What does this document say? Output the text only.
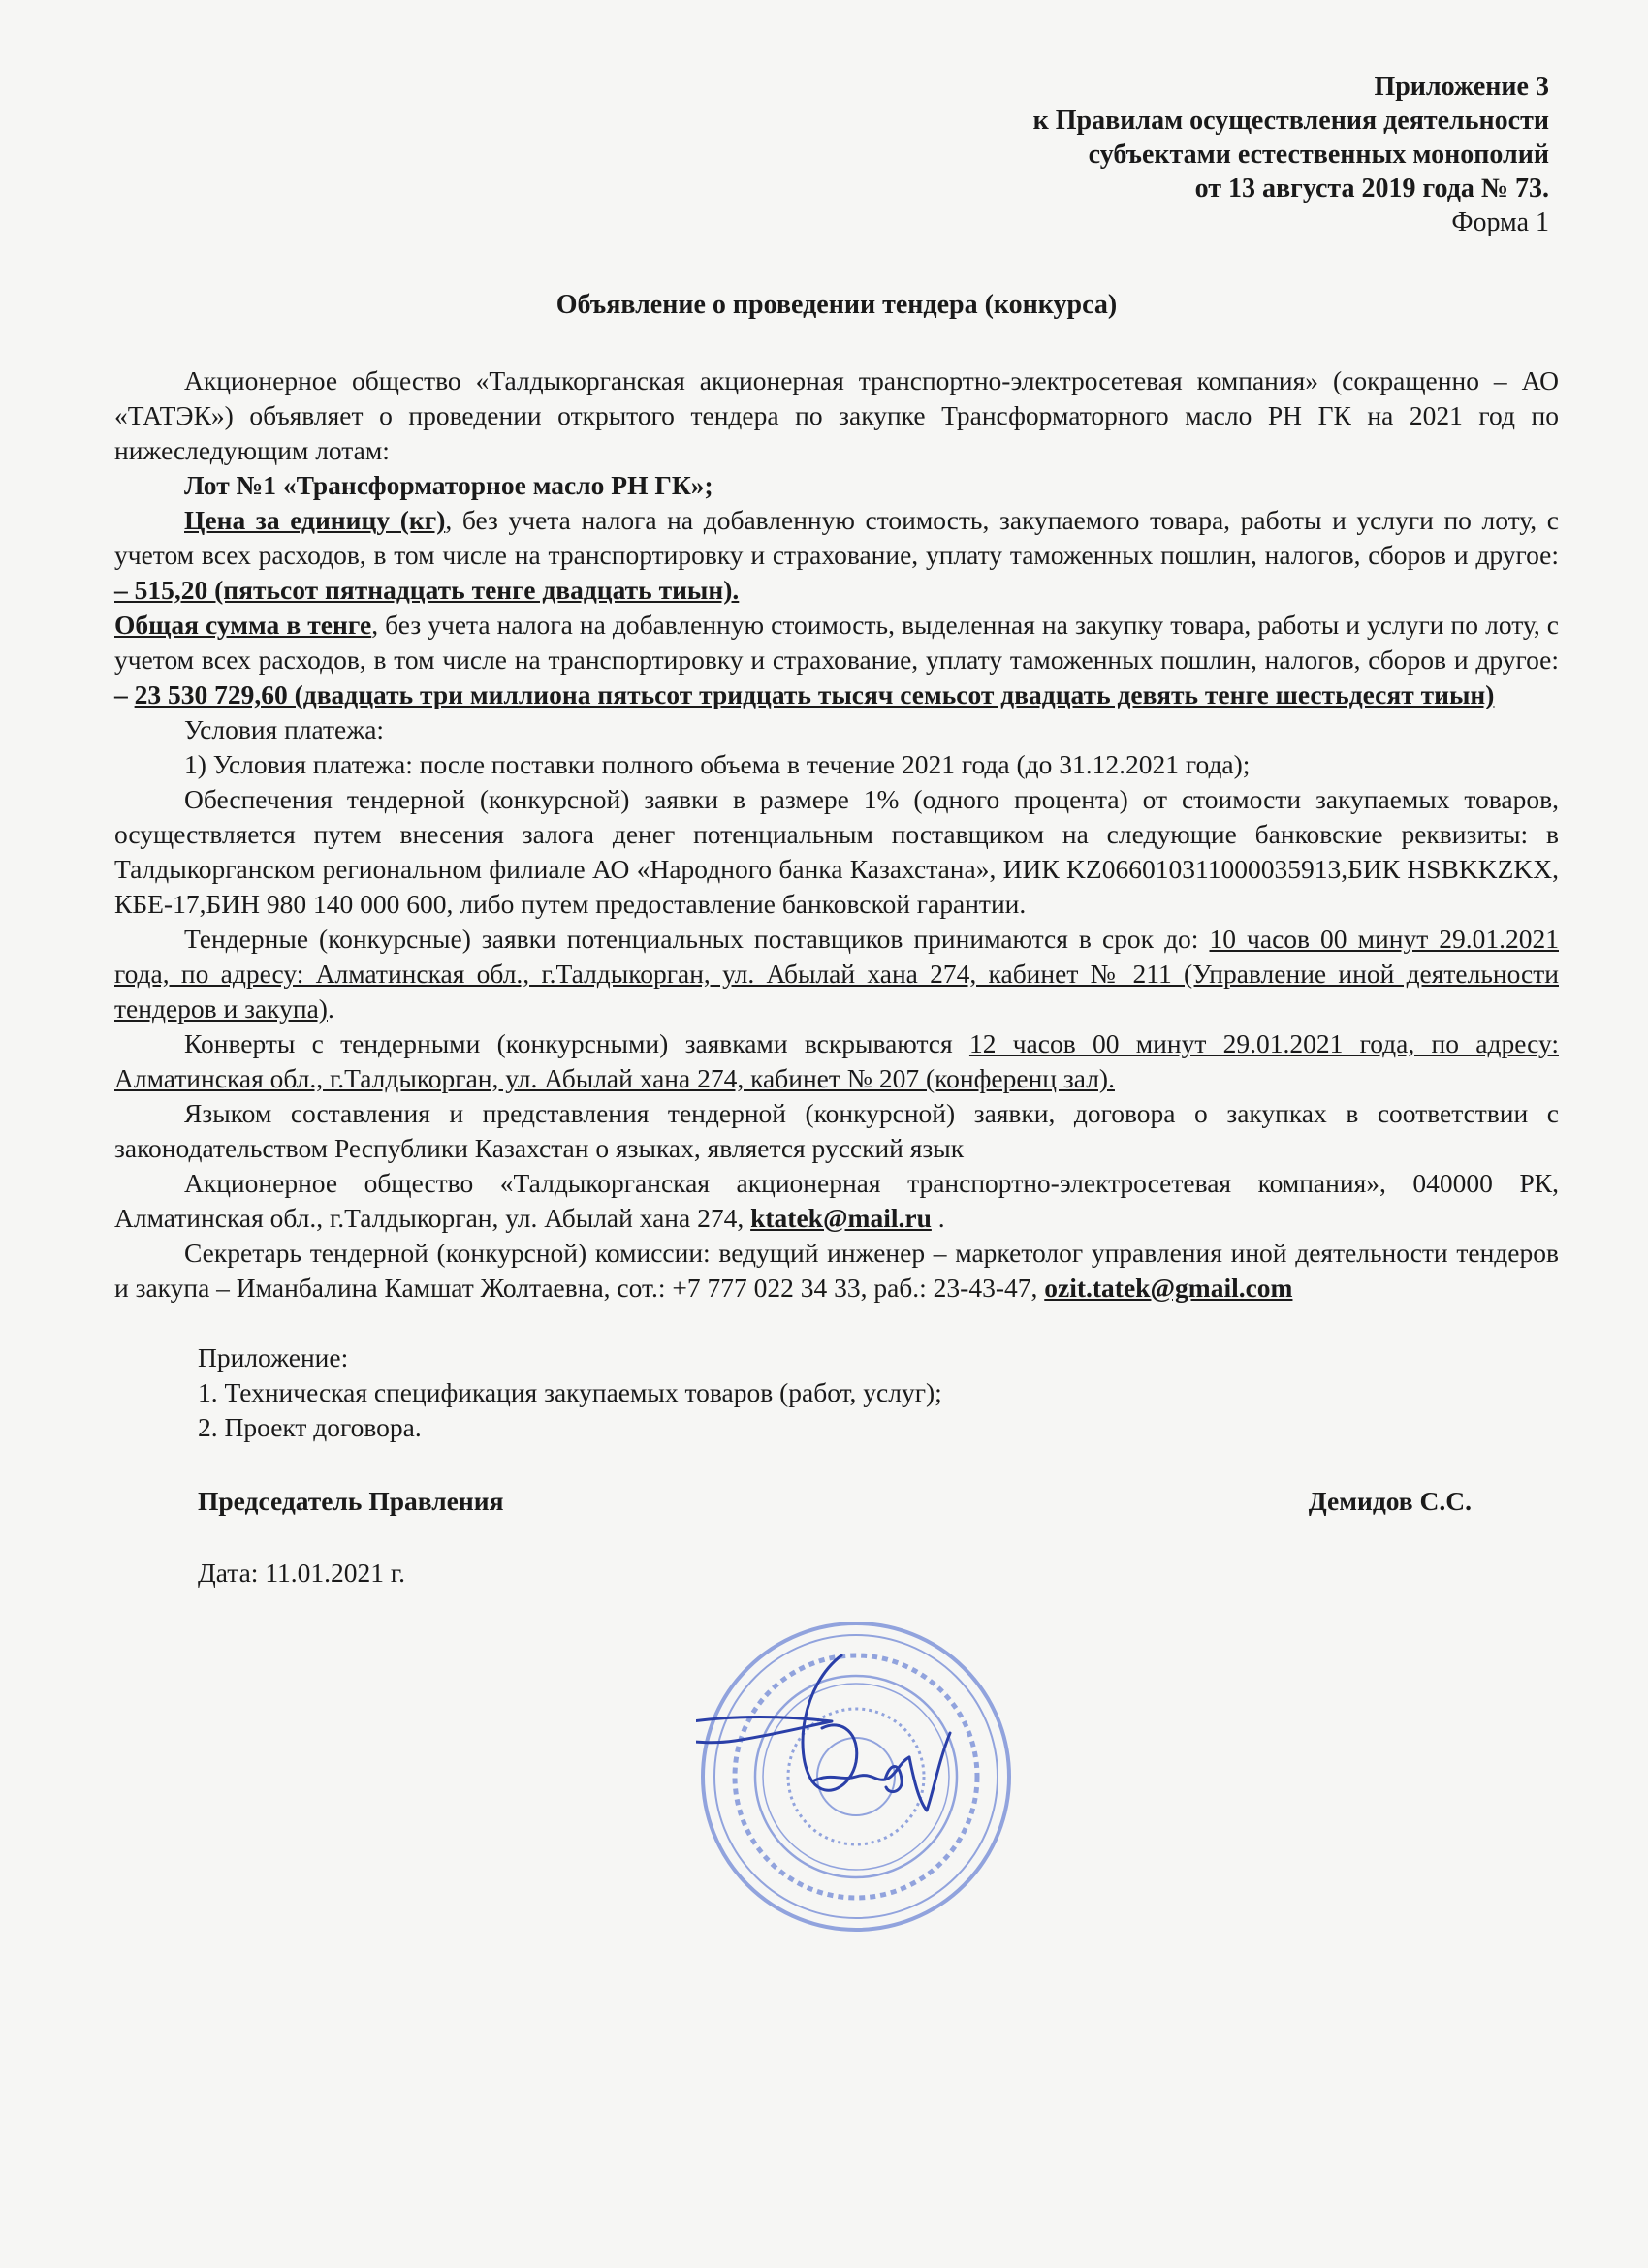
Приложение 3
к Правилам осуществления деятельности
субъектами естественных монополий
от 13 августа 2019 года № 73.
Форма 1
Объявление о проведении тендера (конкурса)

Акционерное общество «Талдыкорганская акционерная транспортно-электросетевая компания» (сокращенно – АО «ТАТЭК») объявляет о проведении открытого тендера по закупке Трансформаторного масло РН ГК на 2021 год по нижеследующим лотам:

Лот №1 «Трансформаторное масло РН ГК»;

Цена за единицу (кг), без учета налога на добавленную стоимость, закупаемого товара, работы и услуги по лоту, с учетом всех расходов, в том числе на транспортировку и страхование, уплату таможенных пошлин, налогов, сборов и другое: – 515,20 (пятьсот пятнадцать тенге двадцать тиын).

Общая сумма в тенге, без учета налога на добавленную стоимость, выделенная на закупку товара, работы и услуги по лоту, с учетом всех расходов, в том числе на транспортировку и страхование, уплату таможенных пошлин, налогов, сборов и другое: – 23 530 729,60 (двадцать три миллиона пятьсот тридцать тысяч семьсот двадцать девять тенге шестьдесят тиын)

Условия платежа:

1) Условия платежа: после поставки полного объема в течение 2021 года (до 31.12.2021 года);

Обеспечения тендерной (конкурсной) заявки в размере 1% (одного процента) от стоимости закупаемых товаров, осуществляется путем внесения залога денег потенциальным поставщиком на следующие банковские реквизиты: в Талдыкорганском региональном филиале АО «Народного банка Казахстана», ИИК KZ066010311000035913,БИК HSBKKZKX, КБЕ-17,БИН 980 140 000 600, либо путем предоставление банковской гарантии.

Тендерные (конкурсные) заявки потенциальных поставщиков принимаются в срок до: 10 часов 00 минут 29.01.2021 года, по адресу: Алматинская обл., г.Талдыкорган, ул. Абылай хана 274, кабинет № 211 (Управление иной деятельности тендеров и закупа).

Конверты с тендерными (конкурсными) заявками вскрываются 12 часов 00 минут 29.01.2021 года, по адресу: Алматинская обл., г.Талдыкорган, ул. Абылай хана 274, кабинет № 207 (конференц зал).

Языком составления и представления тендерной (конкурсной) заявки, договора о закупках в соответствии с законодательством Республики Казахстан о языках, является русский язык

Акционерное общество «Талдыкорганская акционерная транспортно-электросетевая компания», 040000 РК, Алматинская обл., г.Талдыкорган, ул. Абылай хана 274, ktatek@mail.ru .

Секретарь тендерной (конкурсной) комиссии: ведущий инженер – маркетолог управления иной деятельности тендеров и закупа – Иманбалина Камшат Жолтаевна, сот.: +7 777 022 34 33, раб.: 23-43-47, ozit.tatek@gmail.com

Приложение:
1. Техническая спецификация закупаемых товаров (работ, услуг);
2. Проект договора.
Председатель Правления	Демидов С.С.
Дата: 11.01.2021 г.
